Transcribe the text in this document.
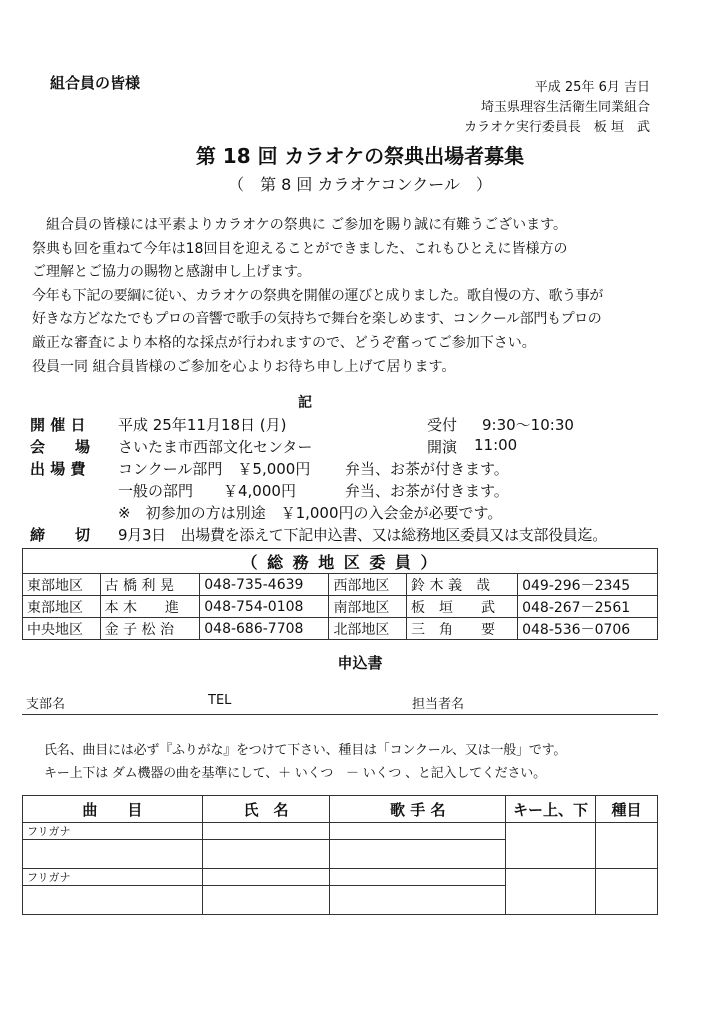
組合員の皆様	平成 25年 6月 吉日
埼玉県理容生活衛生同業組合
カラオケ実行委員長　板 垣　武
第 18 回 カラオケの祭典出場者募集
（　第 8 回 カラオケコンクール　）
　組合員の皆様には平素よりカラオケの祭典に ご参加を賜り誠に有難うございます。
祭典も回を重ねて今年は18回目を迎えることができました、これもひとえに皆様方の
ご理解とご協力の賜物と感謝申し上げます。
今年も下記の要綱に従い、カラオケの祭典を開催の運びと成りました。歌自慢の方、歌う事が
好きな方どなたでもプロの音響で歌手の気持ちで舞台を楽しめます、コンクール部門もプロの
厳正な審査により本格的な採点が行われますので、どうぞ奮ってご参加下さい。
役員一同 組合員皆様のご参加を心よりお待ち申し上げて居ります。
記
開 催 日 平成 25年11月18日 (月)	受付 9:30～10:30
会　　場 さいたま市西部文化センター	開演 11:00
出 場 費 コンクール部門　￥5,000円 弁当、お茶が付きます。
一般の部門　　￥4,000円	弁当、お茶が付きます。
※　初参加の方は別途　￥1,000円の入会金が必要です。
締　　切 9月3日　出場費を添えて下記申込書、又は総務地区委員又は支部役員迄。
（ 総 務 地 区 委 員 ）					
東部地区	古 橋 利 晃	048-735-4639	西部地区	鈴 木 義　哉	049-296－2345
東部地区	本 木　　進	048-754-0108	南部地区	板　垣　　武	048-267－2561
中央地区	金 子 松 治	048-686-7708	北部地区	三　角　　要	048-536－0706
申込書
支部名	TEL	担当者名
氏名、曲目には必ず『ふりがな』をつけて下さい、種目は「コンクール、又は一般」です。
キー上下は ダム機器の曲を基準にして、＋ いくつ　－ いくつ 、と記入してください。
曲　　目	氏　名	歌 手 名	キー上、下	種目
フリガナ				

フリガナ				
